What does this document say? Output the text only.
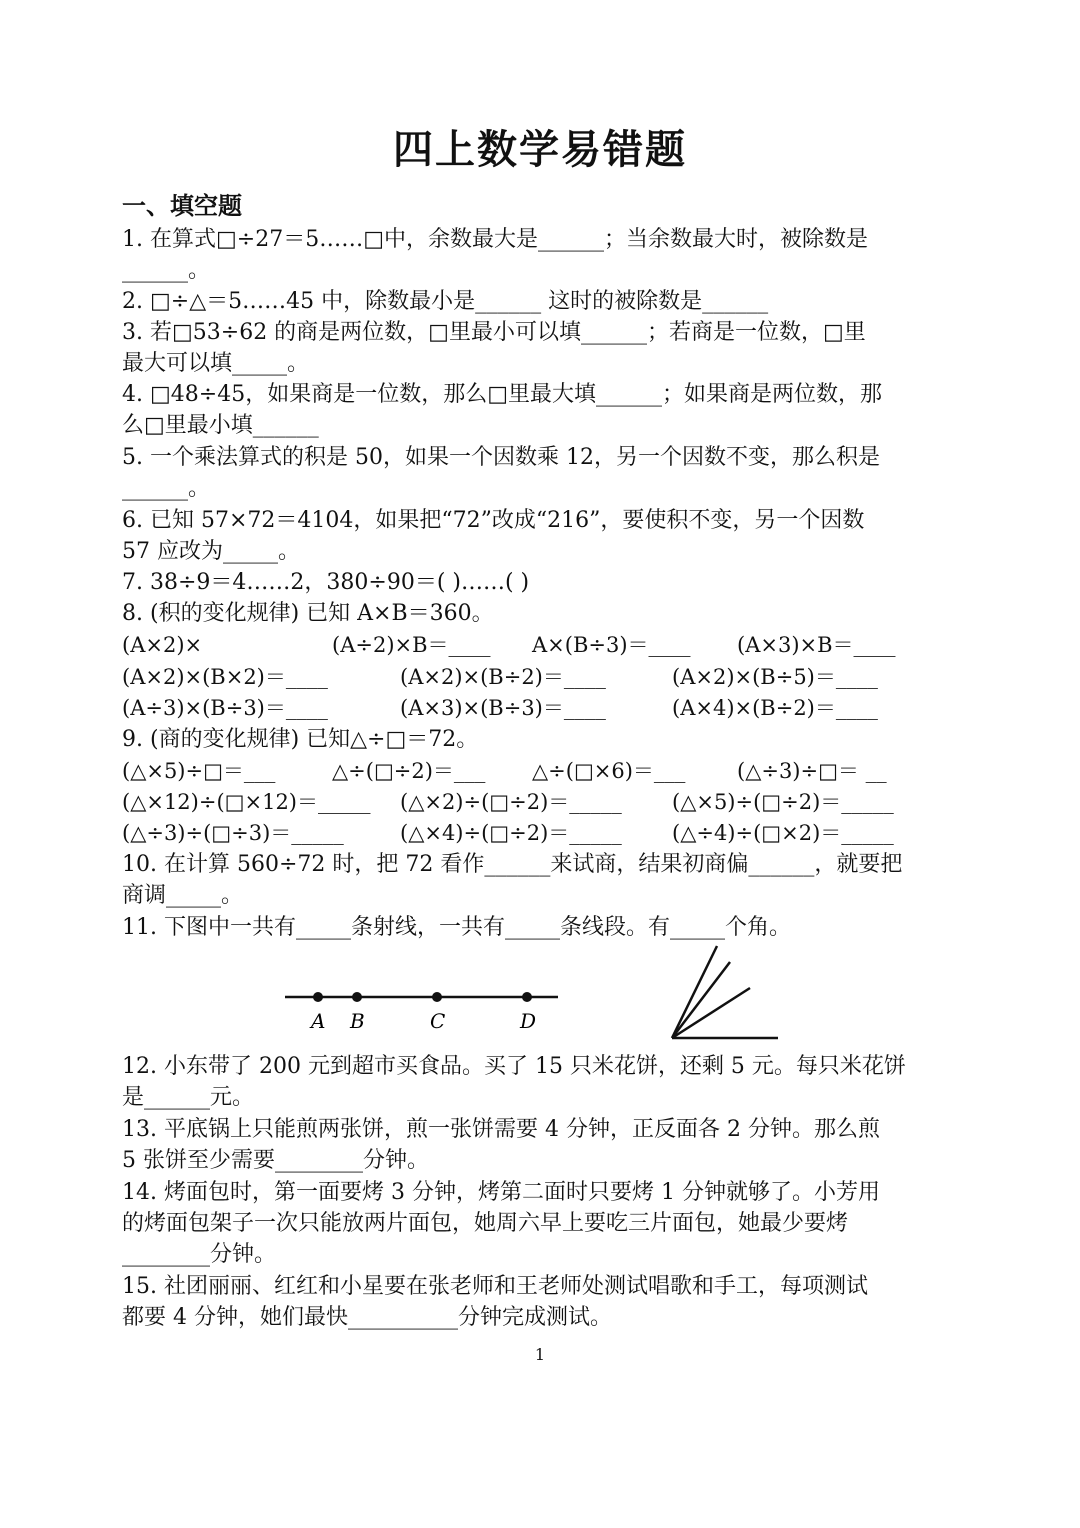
四上数学易错题
一、填空题
1. 在算式□÷27＝5……□中，余数最大是______；当余数最大时，被除数是
______。
2. □÷△＝5……45 中，除数最小是______ 这时的被除数是______
3. 若□53÷62 的商是两位数，□里最小可以填______；若商是一位数，□里
最大可以填_____。
4. □48÷45，如果商是一位数，那么□里最大填______；如果商是两位数，那
么□里最小填______
5. 一个乘法算式的积是 50，如果一个因数乘 12，另一个因数不变，那么积是
______。
6. 已知 57×72＝4104，如果把“72”改成“216”，要使积不变，另一个因数
57 应改为_____。
7. 38÷9＝4……2，380÷90＝( )……( )
8. (积的变化规律) 已知 A×B＝360。
(A×2)×	(A÷2)×B＝____ A×(B÷3)＝____ (A×3)×B＝____
(A×2)×(B×2)＝____	(A×2)×(B÷2)＝____	(A×2)×(B÷5)＝____
(A÷3)×(B÷3)＝____	(A×3)×(B÷3)＝____	(A×4)×(B÷2)＝____
9. (商的变化规律) 已知△÷□＝72。
(△×5)÷□＝___	△÷(□÷2)＝___ △÷(□×6)＝___ (△÷3)÷□＝ __
(△×12)÷(□×12)＝_____ (△×2)÷(□÷2)＝_____ (△×5)÷(□÷2)＝_____
(△÷3)÷(□÷3)＝_____	(△×4)÷(□÷2)＝_____ (△÷4)÷(□×2)＝_____
10. 在计算 560÷72 时，把 72 看作______来试商，结果初商偏______，就要把
商调_____。
11. 下图中一共有_____条射线，一共有_____条线段。有_____个角。
A B	C	D
12. 小东带了 200 元到超市买食品。买了 15 只米花饼，还剩 5 元。每只米花饼
是______元。
13. 平底锅上只能煎两张饼，煎一张饼需要 4 分钟，正反面各 2 分钟。那么煎
5 张饼至少需要________分钟。
14. 烤面包时，第一面要烤 3 分钟，烤第二面时只要烤 1 分钟就够了。小芳用
的烤面包架子一次只能放两片面包，她周六早上要吃三片面包，她最少要烤
________分钟。
15. 社团丽丽、红红和小星要在张老师和王老师处测试唱歌和手工，每项测试
都要 4 分钟，她们最快__________分钟完成测试。
1
